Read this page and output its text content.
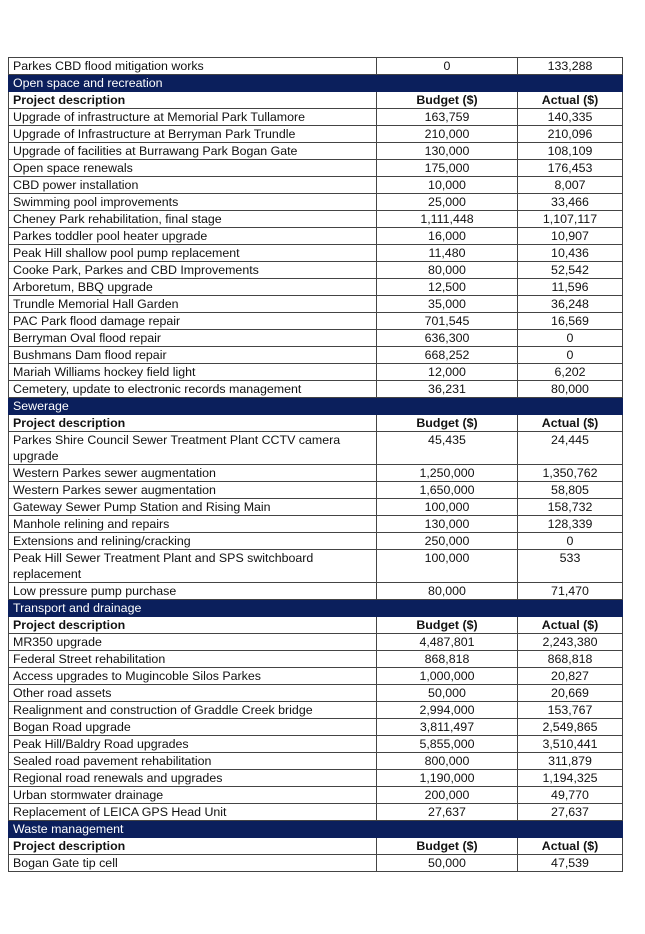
Parkes CBD flood mitigation works	0	133,288
Open space and recreation		
Project description	Budget ($)	Actual ($)
Upgrade of infrastructure at Memorial Park Tullamore	163,759	140,335
Upgrade of Infrastructure at Berryman Park Trundle	210,000	210,096
Upgrade of facilities at Burrawang Park Bogan Gate	130,000	108,109
Open space renewals	175,000	176,453
CBD power installation	10,000	8,007
Swimming pool improvements	25,000	33,466
Cheney Park rehabilitation, final stage	1,111,448	1,107,117
Parkes toddler pool heater upgrade	16,000	10,907
Peak Hill shallow pool pump replacement	11,480	10,436
Cooke Park, Parkes and CBD Improvements	80,000	52,542
Arboretum, BBQ upgrade	12,500	11,596
Trundle Memorial Hall Garden	35,000	36,248
PAC Park flood damage repair	701,545	16,569
Berryman Oval flood repair	636,300	0
Bushmans Dam flood repair	668,252	0
Mariah Williams hockey field light	12,000	6,202
Cemetery, update to electronic records management	36,231	80,000
Sewerage		
Project description	Budget ($)	Actual ($)
Parkes Shire Council Sewer Treatment Plant CCTV camera upgrade	45,435	24,445
Western Parkes sewer augmentation	1,250,000	1,350,762
Western Parkes sewer augmentation	1,650,000	58,805
Gateway Sewer Pump Station and Rising Main	100,000	158,732
Manhole relining and repairs	130,000	128,339
Extensions and relining/cracking	250,000	0
Peak Hill Sewer Treatment Plant and SPS switchboard replacement	100,000	533
Low pressure pump purchase	80,000	71,470
Transport and drainage		
Project description	Budget ($)	Actual ($)
MR350 upgrade	4,487,801	2,243,380
Federal Street rehabilitation	868,818	868,818
Access upgrades to Mugincoble Silos Parkes	1,000,000	20,827
Other road assets	50,000	20,669
Realignment and construction of Graddle Creek bridge	2,994,000	153,767
Bogan Road upgrade	3,811,497	2,549,865
Peak Hill/Baldry Road upgrades	5,855,000	3,510,441
Sealed road pavement rehabilitation	800,000	311,879
Regional road renewals and upgrades	1,190,000	1,194,325
Urban stormwater drainage	200,000	49,770
Replacement of LEICA GPS Head Unit	27,637	27,637
Waste management		
Project description	Budget ($)	Actual ($)
Bogan Gate tip cell	50,000	47,539
